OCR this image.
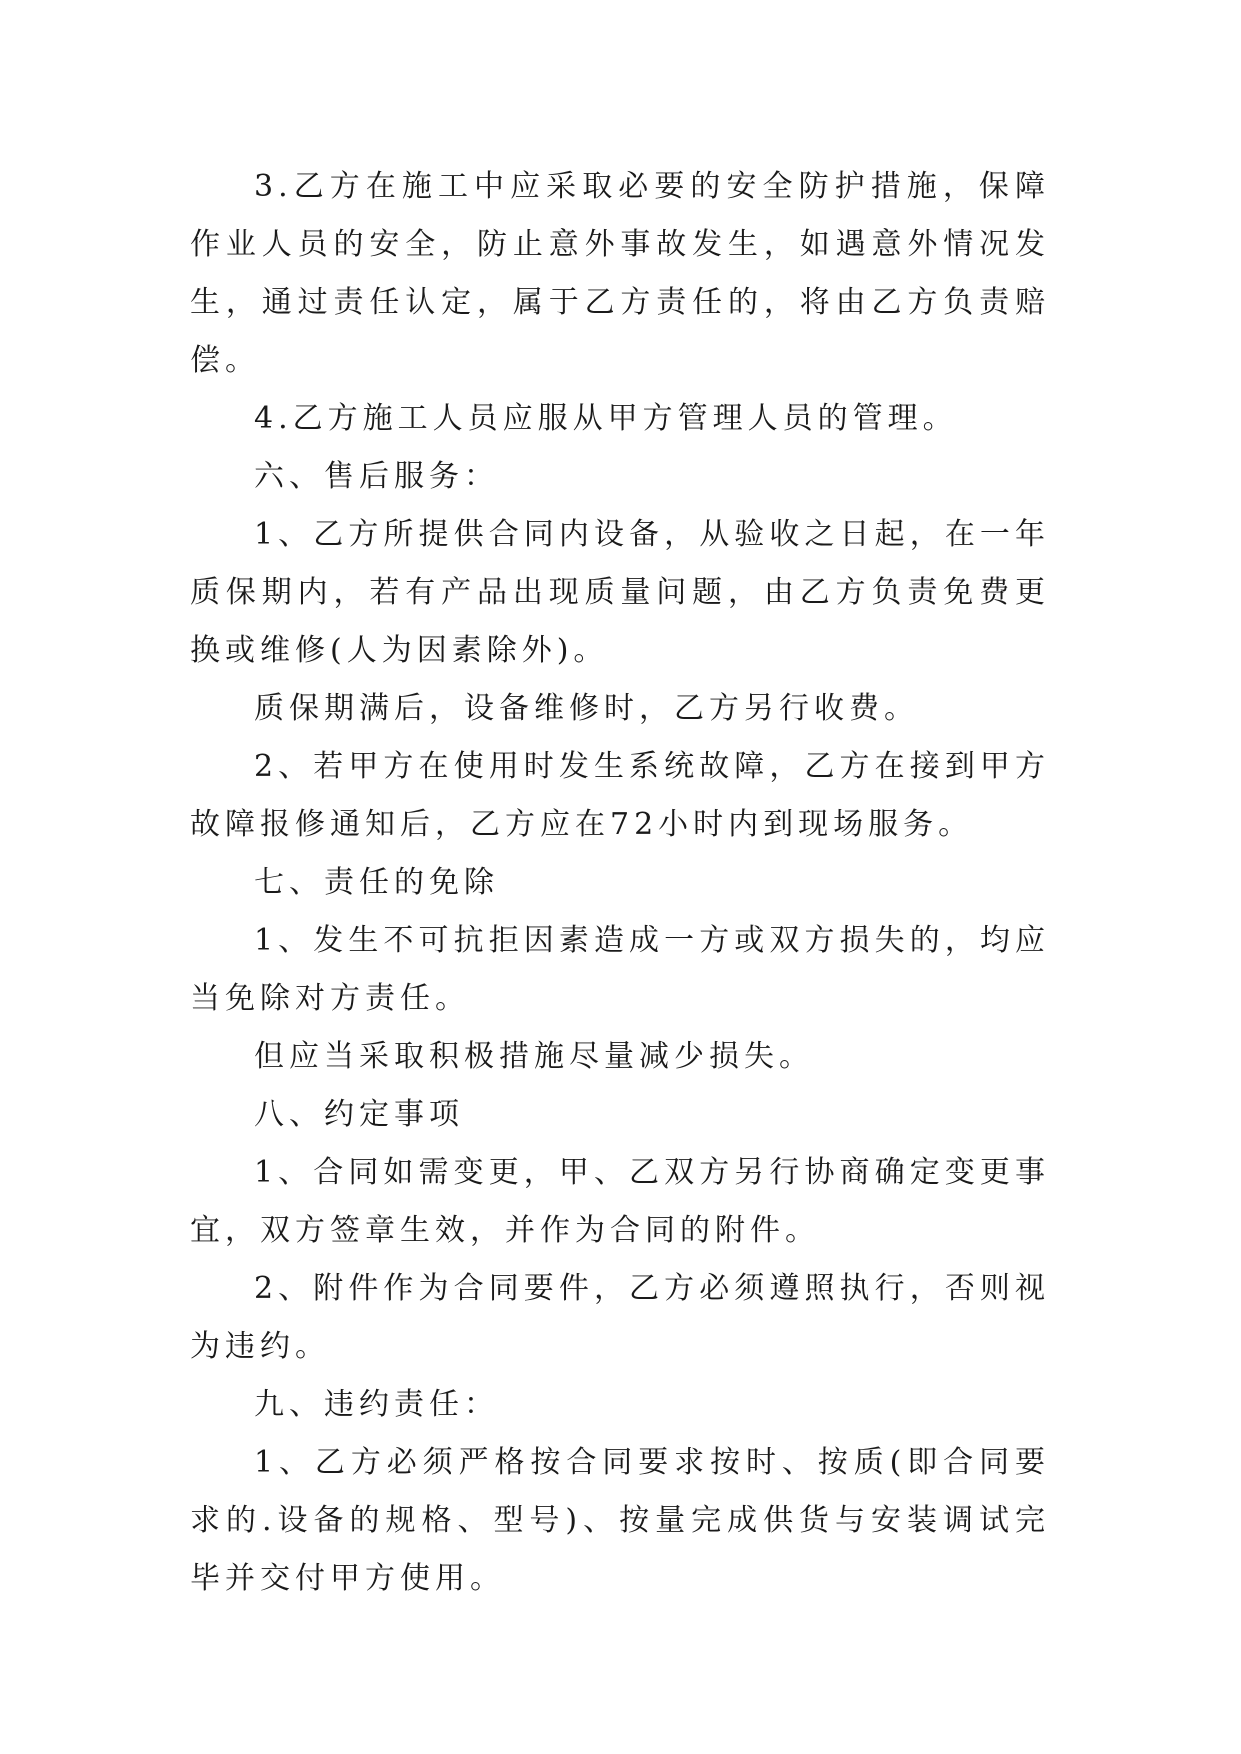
3.乙方在施工中应采取必要的安全防护措施，保障作业人员的安全，防止意外事故发生，如遇意外情况发生，通过责任认定，属于乙方责任的，将由乙方负责赔偿。

4.乙方施工人员应服从甲方管理人员的管理。

六、售后服务：

1、乙方所提供合同内设备，从验收之日起，在一年质保期内，若有产品出现质量问题，由乙方负责免费更换或维修(人为因素除外)。

质保期满后，设备维修时，乙方另行收费。

2、若甲方在使用时发生系统故障，乙方在接到甲方故障报修通知后，乙方应在72小时内到现场服务。

七、责任的免除

1、发生不可抗拒因素造成一方或双方损失的，均应当免除对方责任。

但应当采取积极措施尽量减少损失。

八、约定事项

1、合同如需变更，甲、乙双方另行协商确定变更事宜，双方签章生效，并作为合同的附件。

2、附件作为合同要件，乙方必须遵照执行，否则视为违约。

九、违约责任：

1、乙方必须严格按合同要求按时、按质(即合同要求的.设备的规格、型号)、按量完成供货与安装调试完毕并交付甲方使用。
